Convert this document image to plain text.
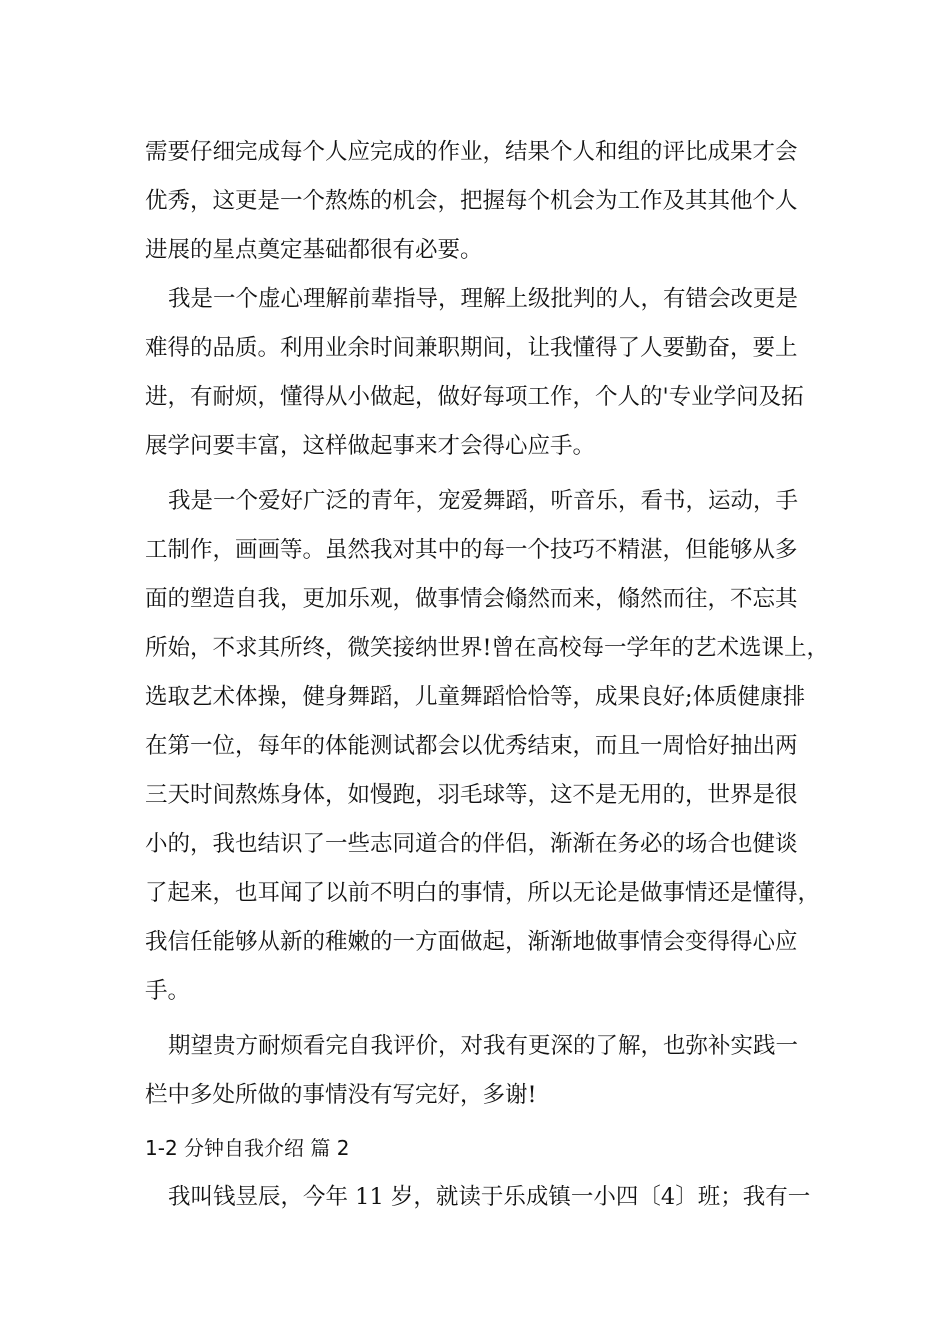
需要仔细完成每个人应完成的作业，结果个人和组的评比成果才会
优秀，这更是一个熬炼的机会，把握每个机会为工作及其其他个人
进展的星点奠定基础都很有必要。
我是一个虚心理解前辈指导，理解上级批判的人，有错会改更是
难得的品质。利用业余时间兼职期间，让我懂得了人要勤奋，要上
进，有耐烦，懂得从小做起，做好每项工作，个人的'专业学问及拓
展学问要丰富，这样做起事来才会得心应手。
我是一个爱好广泛的青年，宠爱舞蹈，听音乐，看书，运动，手
工制作，画画等。虽然我对其中的每一个技巧不精湛，但能够从多
面的塑造自我，更加乐观，做事情会翛然而来，翛然而往，不忘其
所始，不求其所终，微笑接纳世界!曾在高校每一学年的艺术选课上，
选取艺术体操，健身舞蹈，儿童舞蹈恰恰等，成果良好;体质健康排
在第一位，每年的体能测试都会以优秀结束，而且一周恰好抽出两
三天时间熬炼身体，如慢跑，羽毛球等，这不是无用的，世界是很
小的，我也结识了一些志同道合的伴侣，渐渐在务必的场合也健谈
了起来，也耳闻了以前不明白的事情，所以无论是做事情还是懂得，
我信任能够从新的稚嫩的一方面做起，渐渐地做事情会变得得心应
手。
期望贵方耐烦看完自我评价，对我有更深的了解，也弥补实践一
栏中多处所做的事情没有写完好，多谢!
1-2 分钟自我介绍 篇 2
我叫钱昱辰，今年 11 岁，就读于乐成镇一小四〔4〕班；我有一
